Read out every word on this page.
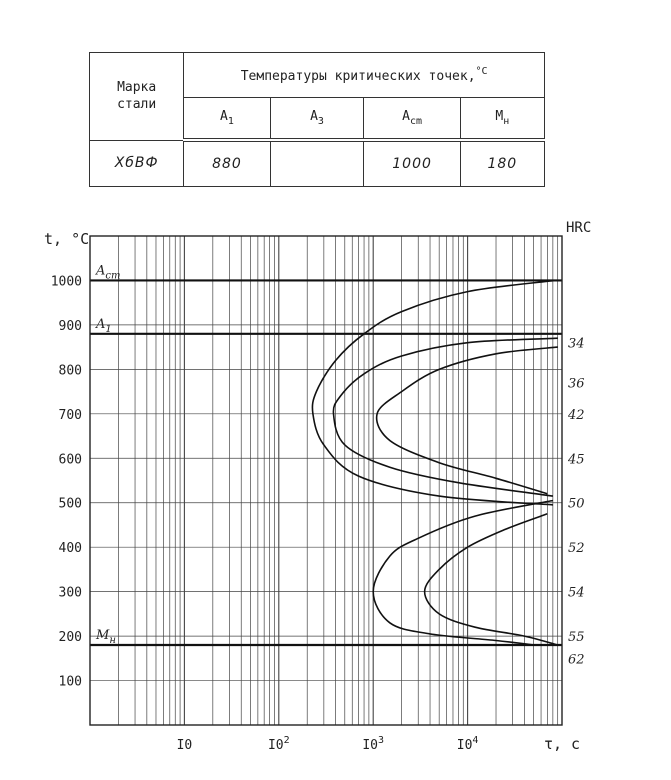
Марка
стали	Температуры критических точек,$^{^\circ С}$
	$А_1$	$А_3$	$А_{cm}$	$М_н$
ХбВФ	880		1000	180
$A_{cm}$
$A_1$
$M_н$
100
200
300
400
500
600
700
800
900
1000
I0	$I0^2$	$I0^3$	$I0^4$
34
36
42
45
50
52
54
55
62
t, °C
τ, c
HRC
